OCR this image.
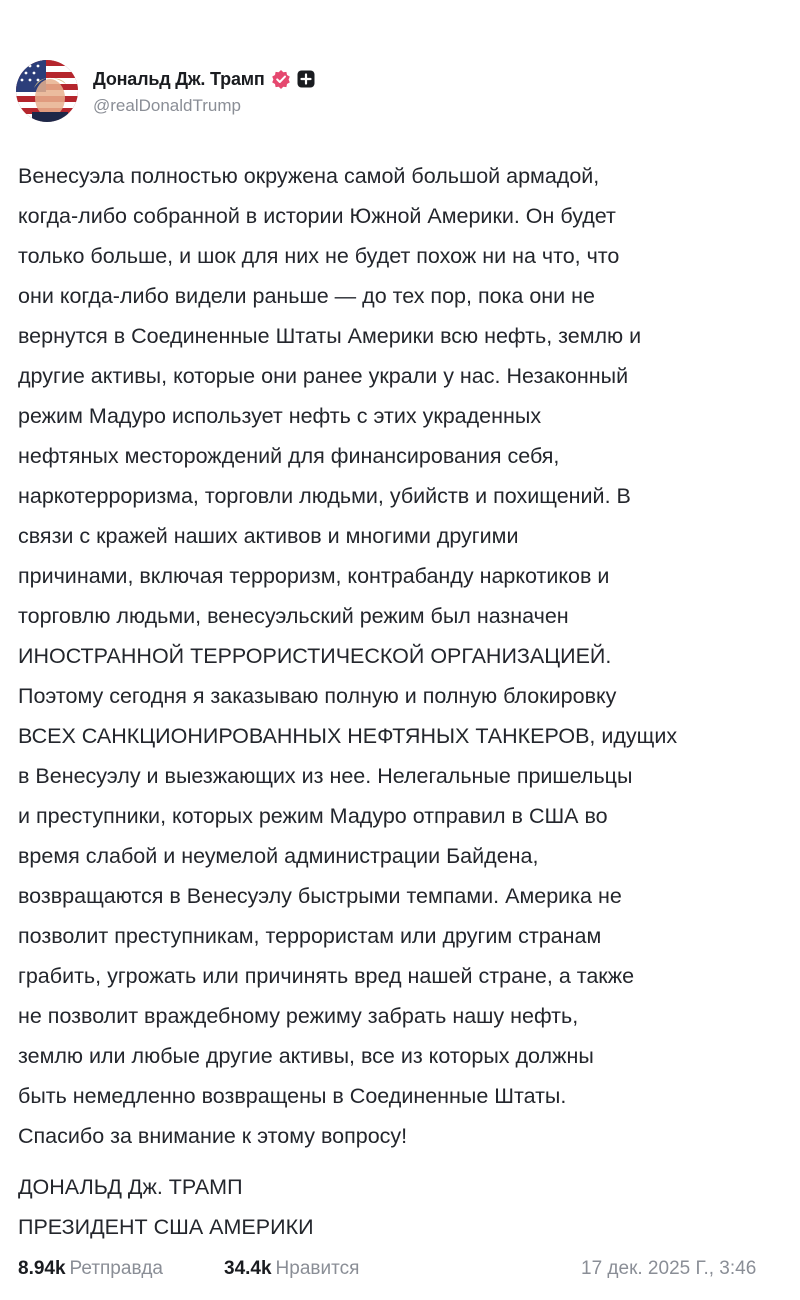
Дональд Дж. Трамп
@realDonaldTrump
Венесуэла полностью окружена самой большой армадой,
когда-либо собранной в истории Южной Америки. Он будет
только больше, и шок для них не будет похож ни на что, что
они когда-либо видели раньше — до тех пор, пока они не
вернутся в Соединенные Штаты Америки всю нефть, землю и
другие активы, которые они ранее украли у нас. Незаконный
режим Мадуро использует нефть с этих украденных
нефтяных месторождений для финансирования себя,
наркотерроризма, торговли людьми, убийств и похищений. В
связи с кражей наших активов и многими другими
причинами, включая терроризм, контрабанду наркотиков и
торговлю людьми, венесуэльский режим был назначен
ИНОСТРАННОЙ ТЕРРОРИСТИЧЕСКОЙ ОРГАНИЗАЦИЕЙ.
Поэтому сегодня я заказываю полную и полную блокировку
ВСЕХ САНКЦИОНИРОВАННЫХ НЕФТЯНЫХ ТАНКЕРОВ, идущих
в Венесуэлу и выезжающих из нее. Нелегальные пришельцы
и преступники, которых режим Мадуро отправил в США во
время слабой и неумелой администрации Байдена,
возвращаются в Венесуэлу быстрыми темпами. Америка не
позволит преступникам, террористам или другим странам
грабить, угрожать или причинять вред нашей стране, а также
не позволит враждебному режиму забрать нашу нефть,
землю или любые другие активы, все из которых должны
быть немедленно возвращены в Соединенные Штаты.
Спасибо за внимание к этому вопросу!
ДОНАЛЬД Дж. ТРАМП
ПРЕЗИДЕНТ США АМЕРИКИ
8.94k Ретправда	34.4k Нравится	17 дек. 2025 Г., 3:46
